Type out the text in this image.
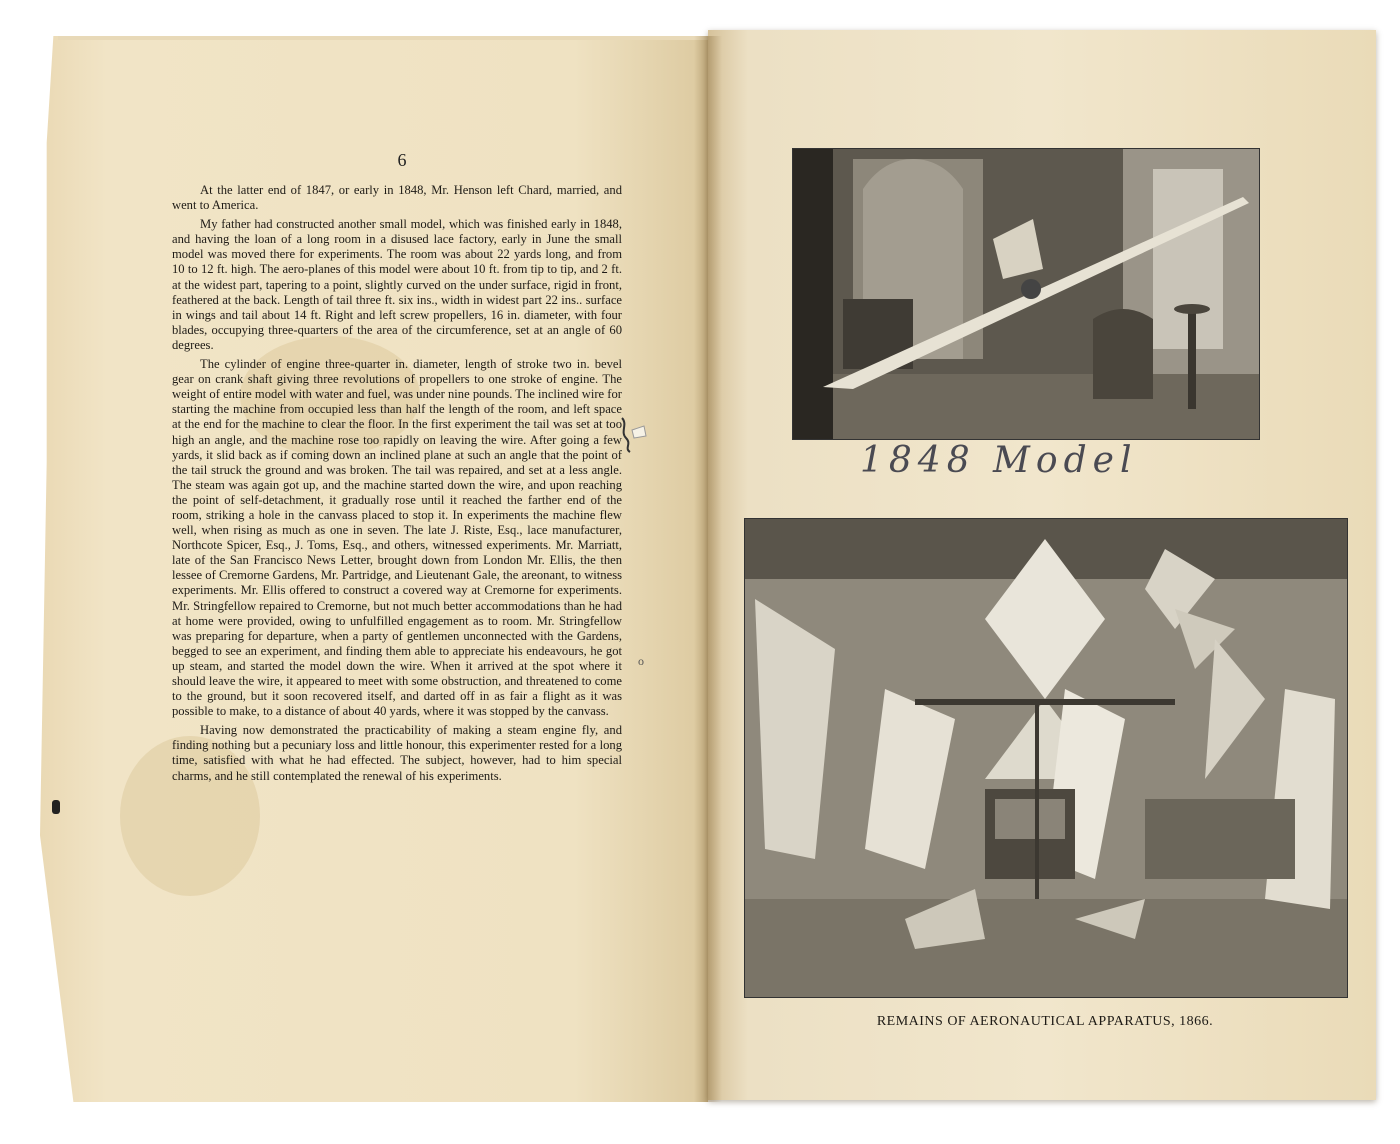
6

At the latter end of 1847, or early in 1848, Mr. Henson left Chard, married, and went to America.

My father had constructed another small model, which was finished early in 1848, and having the loan of a long room in a disused lace factory, early in June the small model was moved there for experiments. The room was about 22 yards long, and from 10 to 12 ft. high. The aero-planes of this model were about 10 ft. from tip to tip, and 2 ft. at the widest part, tapering to a point, slightly curved on the under surface, rigid in front, feathered at the back. Length of tail three ft. six ins., width in widest part 22 ins.. surface in wings and tail about 14 ft. Right and left screw propellers, 16 in. diameter, with four blades, occupying three-quarters of the area of the circumference, set at an angle of 60 degrees.

The cylinder of engine three-quarter in. diameter, length of stroke two in. bevel gear on crank shaft giving three revolutions of propellers to one stroke of engine. The weight of entire model with water and fuel, was under nine pounds. The inclined wire for starting the machine from occupied less than half the length of the room, and left space at the end for the machine to clear the floor. In the first experiment the tail was set at too high an angle, and the machine rose too rapidly on leaving the wire. After going a few yards, it slid back as if coming down an inclined plane at such an angle that the point of the tail struck the ground and was broken. The tail was repaired, and set at a less angle. The steam was again got up, and the machine started down the wire, and upon reaching the point of self-detachment, it gradually rose until it reached the farther end of the room, striking a hole in the canvass placed to stop it. In experiments the machine flew well, when rising as much as one in seven. The late J. Riste, Esq., lace manufacturer, Northcote Spicer, Esq., J. Toms, Esq., and others, witnessed experiments. Mr. Marriatt, late of the San Francisco News Letter, brought down from London Mr. Ellis, the then lessee of Cremorne Gardens, Mr. Partridge, and Lieutenant Gale, the areonant, to witness experiments. Mr. Ellis offered to construct a covered way at Cremorne for experiments. Mr. Stringfellow repaired to Cremorne, but not much better accommodations than he had at home were provided, owing to unfulfilled engagement as to room. Mr. Stringfellow was preparing for departure, when a party of gentlemen unconnected with the Gardens, begged to see an experiment, and finding them able to appreciate his endeavours, he got up steam, and started the model down the wire. When it arrived at the spot where it should leave the wire, it appeared to meet with some obstruction, and threatened to come to the ground, but it soon recovered itself, and darted off in as fair a flight as it was possible to make, to a distance of about 40 yards, where it was stopped by the canvass.

Having now demonstrated the practicability of making a steam engine fly, and finding nothing but a pecuniary loss and little honour, this experimenter rested for a long time, satisfied with what he had effected. The subject, however, had to him special charms, and he still contemplated the renewal of his experiments.

o
1848 Model
REMAINS OF AERONAUTICAL APPARATUS, 1866.
